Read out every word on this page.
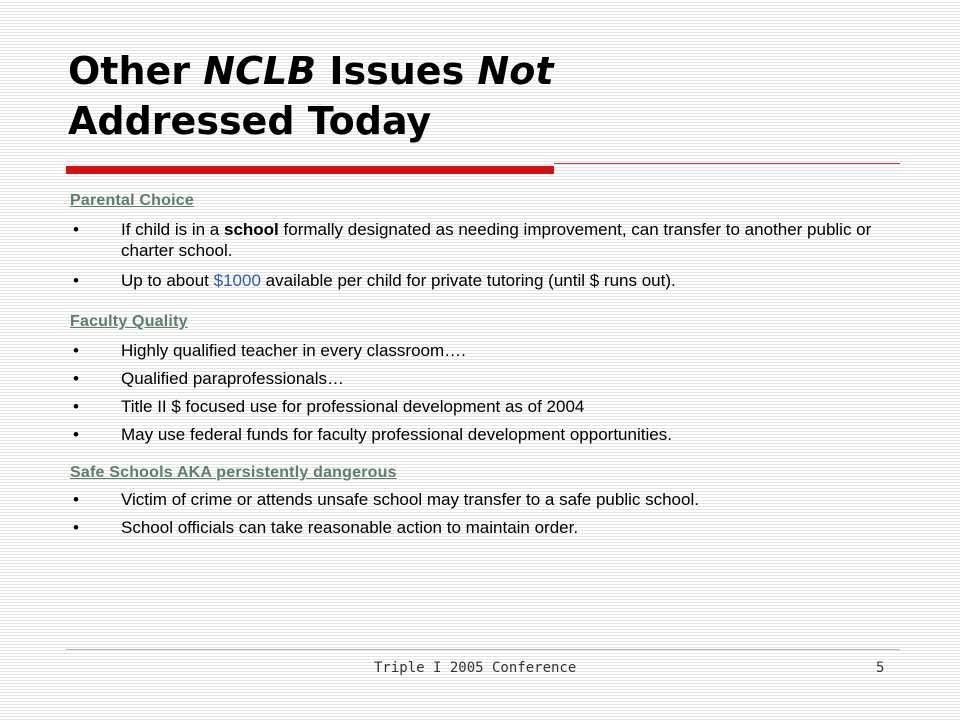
Other NCLB Issues Not
Addressed Today
Parental Choice
•	If child is in a school formally designated as needing improvement, can transfer to another public or charter school.
•	Up to about $1000 available per child for private tutoring (until $ runs out).
Faculty Quality
•	Highly qualified teacher in every classroom….
•	Qualified paraprofessionals…
•	Title II $ focused use for professional development as of 2004
•	May use federal funds for faculty professional development opportunities.
Safe Schools AKA persistently dangerous
•	Victim of crime or attends unsafe school may transfer to a safe public school.
•	School officials can take reasonable action to maintain order.
Triple I 2005 Conference	5
